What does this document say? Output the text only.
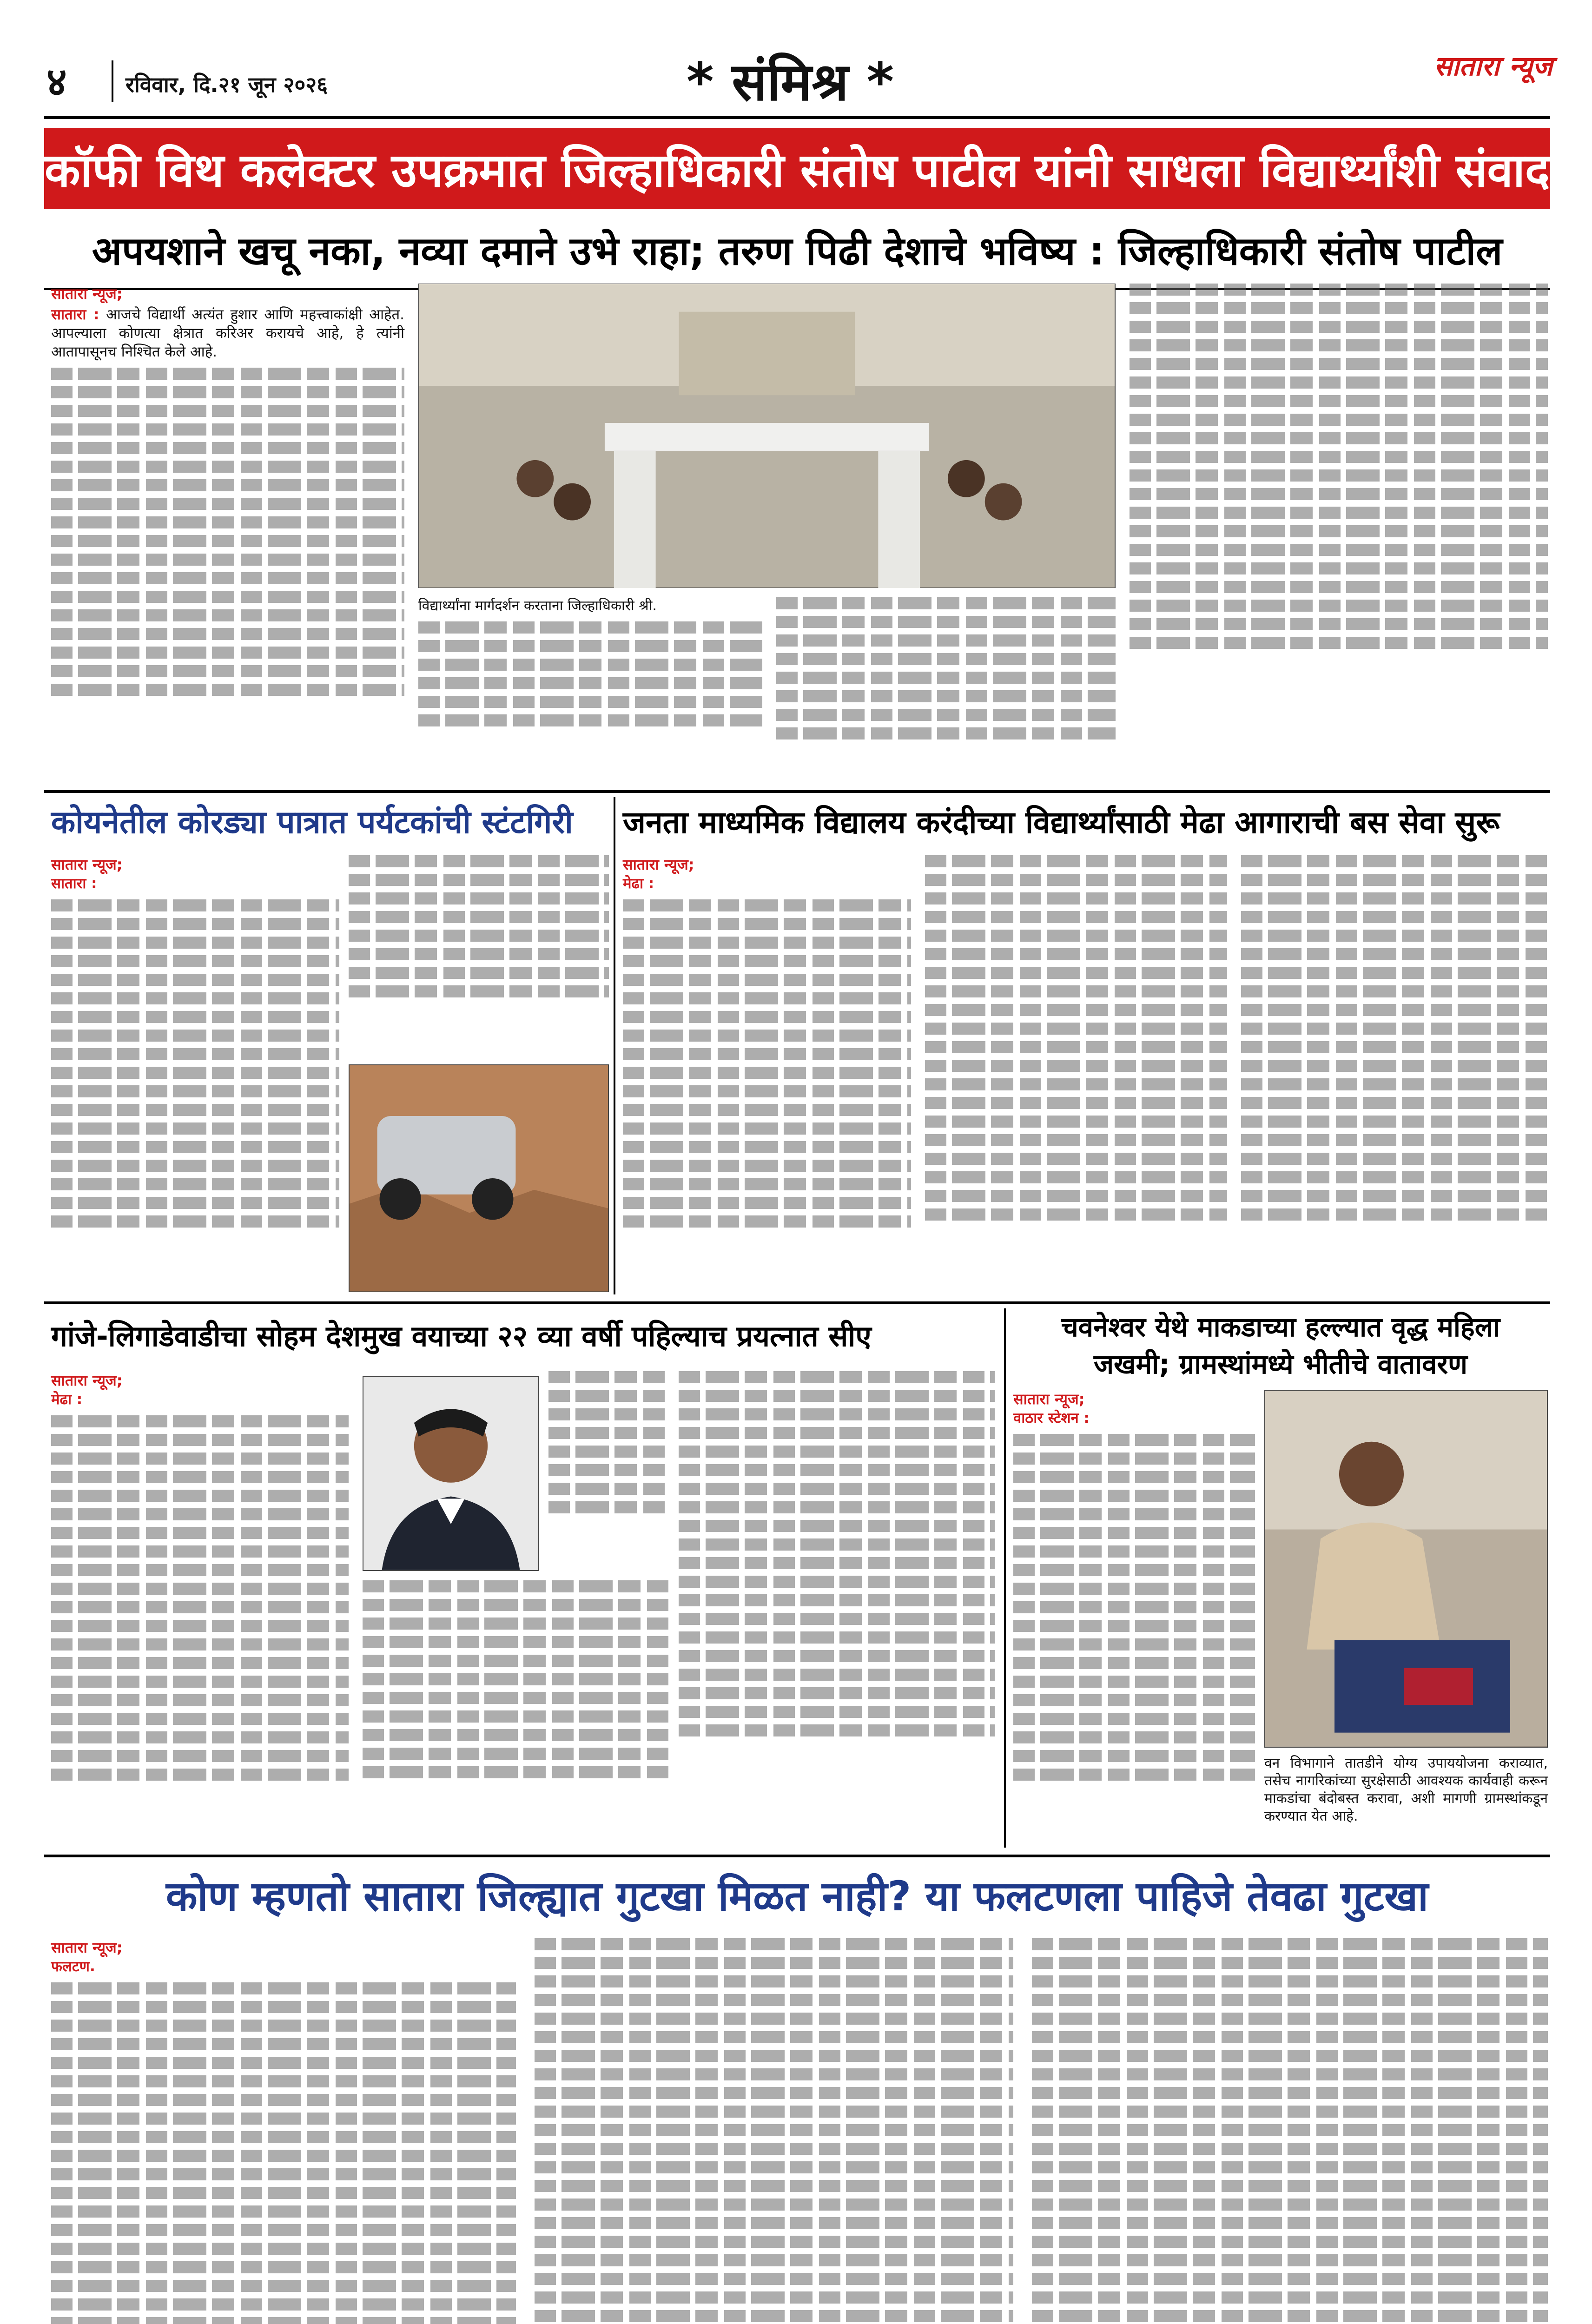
४	रविवार, दि.२१ जून २०२६	* संमिश्र *	सातारा न्यूज
कॉफी विथ कलेक्टर उपक्रमात जिल्हाधिकारी संतोष पाटील यांनी साधला विद्यार्थ्यांशी संवाद
अपयशाने खचू नका, नव्या दमाने उभे राहा; तरुण पिढी देशाचे भविष्य : जिल्हाधिकारी संतोष पाटील
सातारा न्यूज;
सातारा : आजचे विद्यार्थी अत्यंत हुशार आणि महत्त्वाकांक्षी आहेत. आपल्याला कोणत्या क्षेत्रात करिअर करायचे आहे, हे त्यांनी आतापासूनच निश्चित केले आहे.
विद्यार्थ्यांना मार्गदर्शन करताना जिल्हाधिकारी श्री.
कोयनेतील कोरड्या पात्रात पर्यटकांची स्टंटगिरी
सातारा न्यूज;
सातारा :
जनता माध्यमिक विद्यालय करंदीच्या विद्यार्थ्यांसाठी मेढा आगाराची बस सेवा सुरू
सातारा न्यूज;
मेढा :
गांजे-लिगाडेवाडीचा सोहम देशमुख वयाच्या २२ व्या वर्षी पहिल्याच प्रयत्नात सीए
सातारा न्यूज;
मेढा :
चवनेश्वर येथे माकडाच्या हल्ल्यात वृद्ध महिला
जखमी; ग्रामस्थांमध्ये भीतीचे वातावरण
सातारा न्यूज;
वाठार स्टेशन :
वन विभागाने तातडीने योग्य उपाययोजना कराव्यात, तसेच नागरिकांच्या सुरक्षेसाठी आवश्यक कार्यवाही करून माकडांचा बंदोबस्त करावा, अशी मागणी ग्रामस्थांकडून करण्यात येत आहे.
कोण म्हणतो सातारा जिल्ह्यात गुटखा मिळत नाही? या फलटणला पाहिजे तेवढा गुटखा
सातारा न्यूज;
फलटण.
